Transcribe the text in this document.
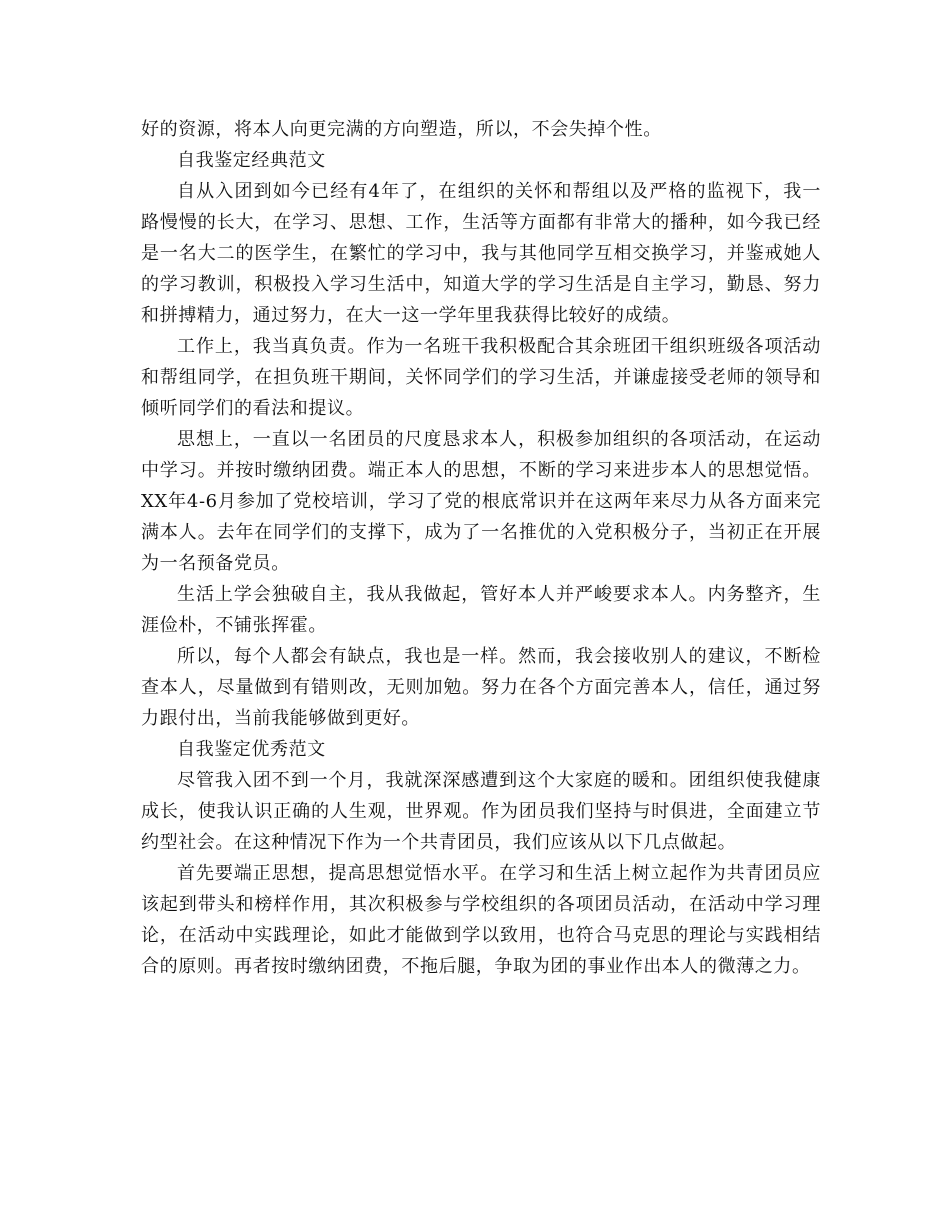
好的资源，将本人向更完满的方向塑造，所以，不会失掉个性。

自我鉴定经典范文

自从入团到如今已经有4年了，在组织的关怀和帮组以及严格的监视下，我一路慢慢的长大，在学习、思想、工作，生活等方面都有非常大的播种，如今我已经是一名大二的医学生，在繁忙的学习中，我与其他同学互相交换学习，并鉴戒她人的学习教训，积极投入学习生活中，知道大学的学习生活是自主学习，勤恳、努力和拼搏精力，通过努力，在大一这一学年里我获得比较好的成绩。

工作上，我当真负责。作为一名班干我积极配合其余班团干组织班级各项活动和帮组同学，在担负班干期间，关怀同学们的学习生活，并谦虚接受老师的领导和倾听同学们的看法和提议。

思想上，一直以一名团员的尺度恳求本人，积极参加组织的各项活动，在运动中学习。并按时缴纳团费。端正本人的思想，不断的学习来进步本人的思想觉悟。XX年4-6月参加了党校培训，学习了党的根底常识并在这两年来尽力从各方面来完满本人。去年在同学们的支撑下，成为了一名推优的入党积极分子，当初正在开展为一名预备党员。

生活上学会独破自主，我从我做起，管好本人并严峻要求本人。内务整齐，生涯俭朴，不铺张挥霍。

所以，每个人都会有缺点，我也是一样。然而，我会接收别人的建议，不断检查本人，尽量做到有错则改，无则加勉。努力在各个方面完善本人，信任，通过努力跟付出，当前我能够做到更好。

自我鉴定优秀范文

尽管我入团不到一个月，我就深深感遭到这个大家庭的暖和。团组织使我健康成长，使我认识正确的人生观，世界观。作为团员我们坚持与时俱进，全面建立节约型社会。在这种情况下作为一个共青团员，我们应该从以下几点做起。

首先要端正思想，提高思想觉悟水平。在学习和生活上树立起作为共青团员应该起到带头和榜样作用，其次积极参与学校组织的各项团员活动，在活动中学习理论，在活动中实践理论，如此才能做到学以致用，也符合马克思的理论与实践相结合的原则。再者按时缴纳团费，不拖后腿，争取为团的事业作出本人的微薄之力。
